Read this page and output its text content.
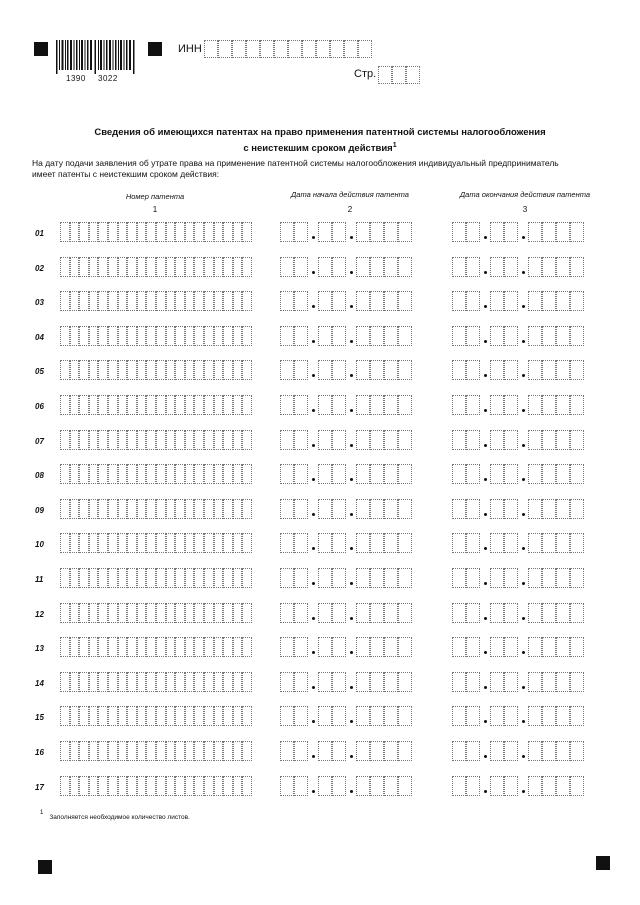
1390 3022
ИНН
Стр.
Сведения об имеющихся патентах на право применения патентной системы налогообложения
с неистекшим сроком действия$^1$
На дату подачи заявления об утрате права на применение патентной системы налогообложения индивидуальный предприниматель
имеет патенты с неистекшим сроком действия:
Номер патента	Дата начала действия патента	Дата окончания действия патента
1	2	3
01
02
03
04
05
06
07
08
09
10
11
12
13
14
15
16
17
$^1$Заполняется необходимое количество листов.
